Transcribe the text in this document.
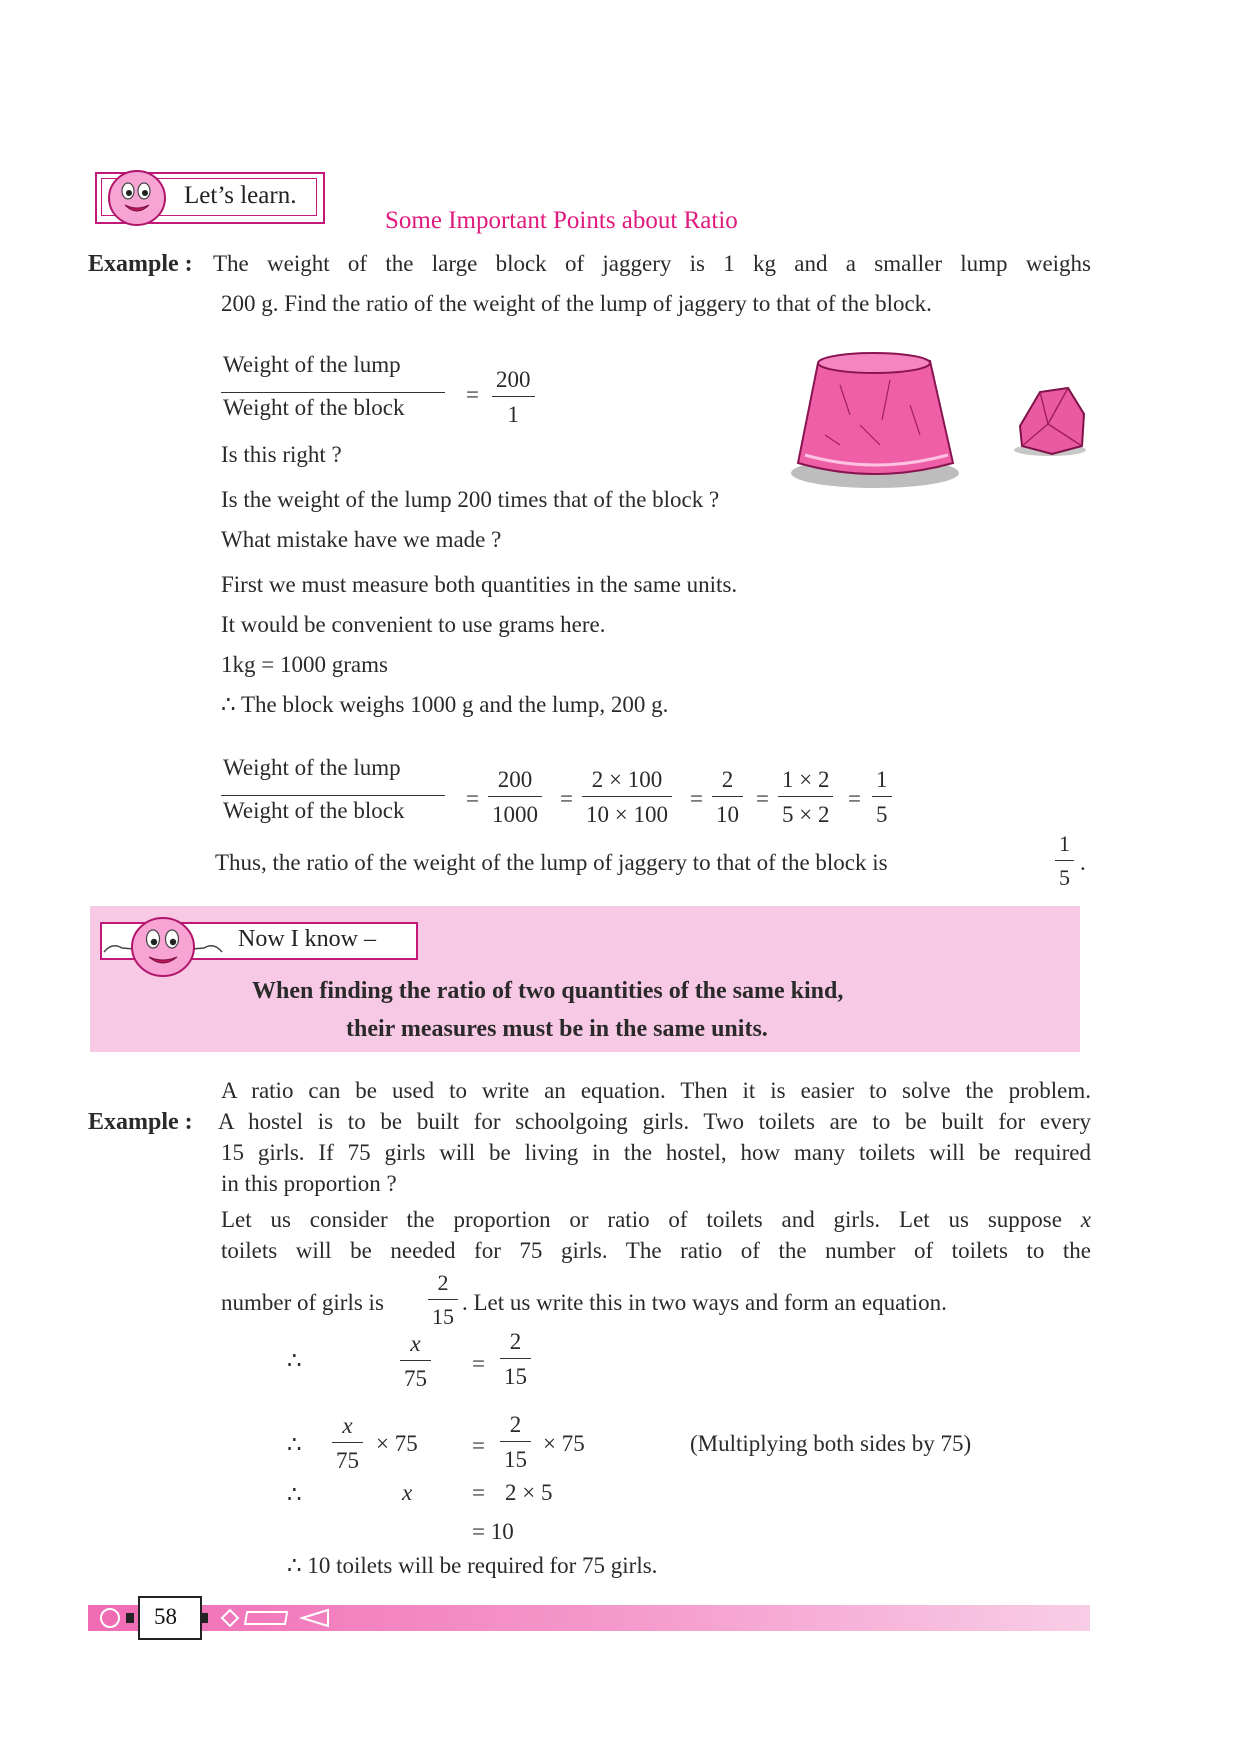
Let’s learn.
Some Important Points about Ratio
Example : The weight of the large block of jaggery is 1 kg and a smaller lump weighs
200 g. Find the ratio of the weight of the lump of jaggery to that of the block.
Weight of the lump
Weight of the block
= $\frac{200}{1}$
Is this right ?
Is the weight of the lump 200 times that of the block ?
What mistake have we made ?
First we must measure both quantities in the same units.
It would be convenient to use grams here.
1kg = 1000 grams
∴ The block weighs 1000 g and the lump, 200 g.
Weight of the lump
Weight of the block	= $\frac{200}{1000} = \frac{2 \times 100}{10 \times 100} = \frac{2}{10} = \frac{1 \times 2}{5 \times 2} = \frac{1}{5}$
Thus, the ratio of the weight of the lump of jaggery to that of the block is	$\frac{1}{5}$ .
Now I know –
When finding the ratio of two quantities of the same kind,
their measures must be in the same units.
A ratio can be used to write an equation. Then it is easier to solve the problem.
Example : A hostel is to be built for schoolgoing girls. Two toilets are to be built for every
15 girls. If 75 girls will be living in the hostel, how many toilets will be required
in this proportion ?
Let us consider the proportion or ratio of toilets and girls. Let us suppose x
toilets will be needed for 75 girls. The ratio of the number of toilets to the
number of girls is $\frac{2}{15}$ . Let us write this in two ways and form an equation.
∴	$\frac{x}{75} = \frac{2}{15}$
∴ $\frac{x}{75} \times 75 = \frac{2}{15} \times 75$	(Multiplying both sides by 75)
∴	x	= 2 × 5
= 10
∴ 10 toilets will be required for 75 girls.
58
